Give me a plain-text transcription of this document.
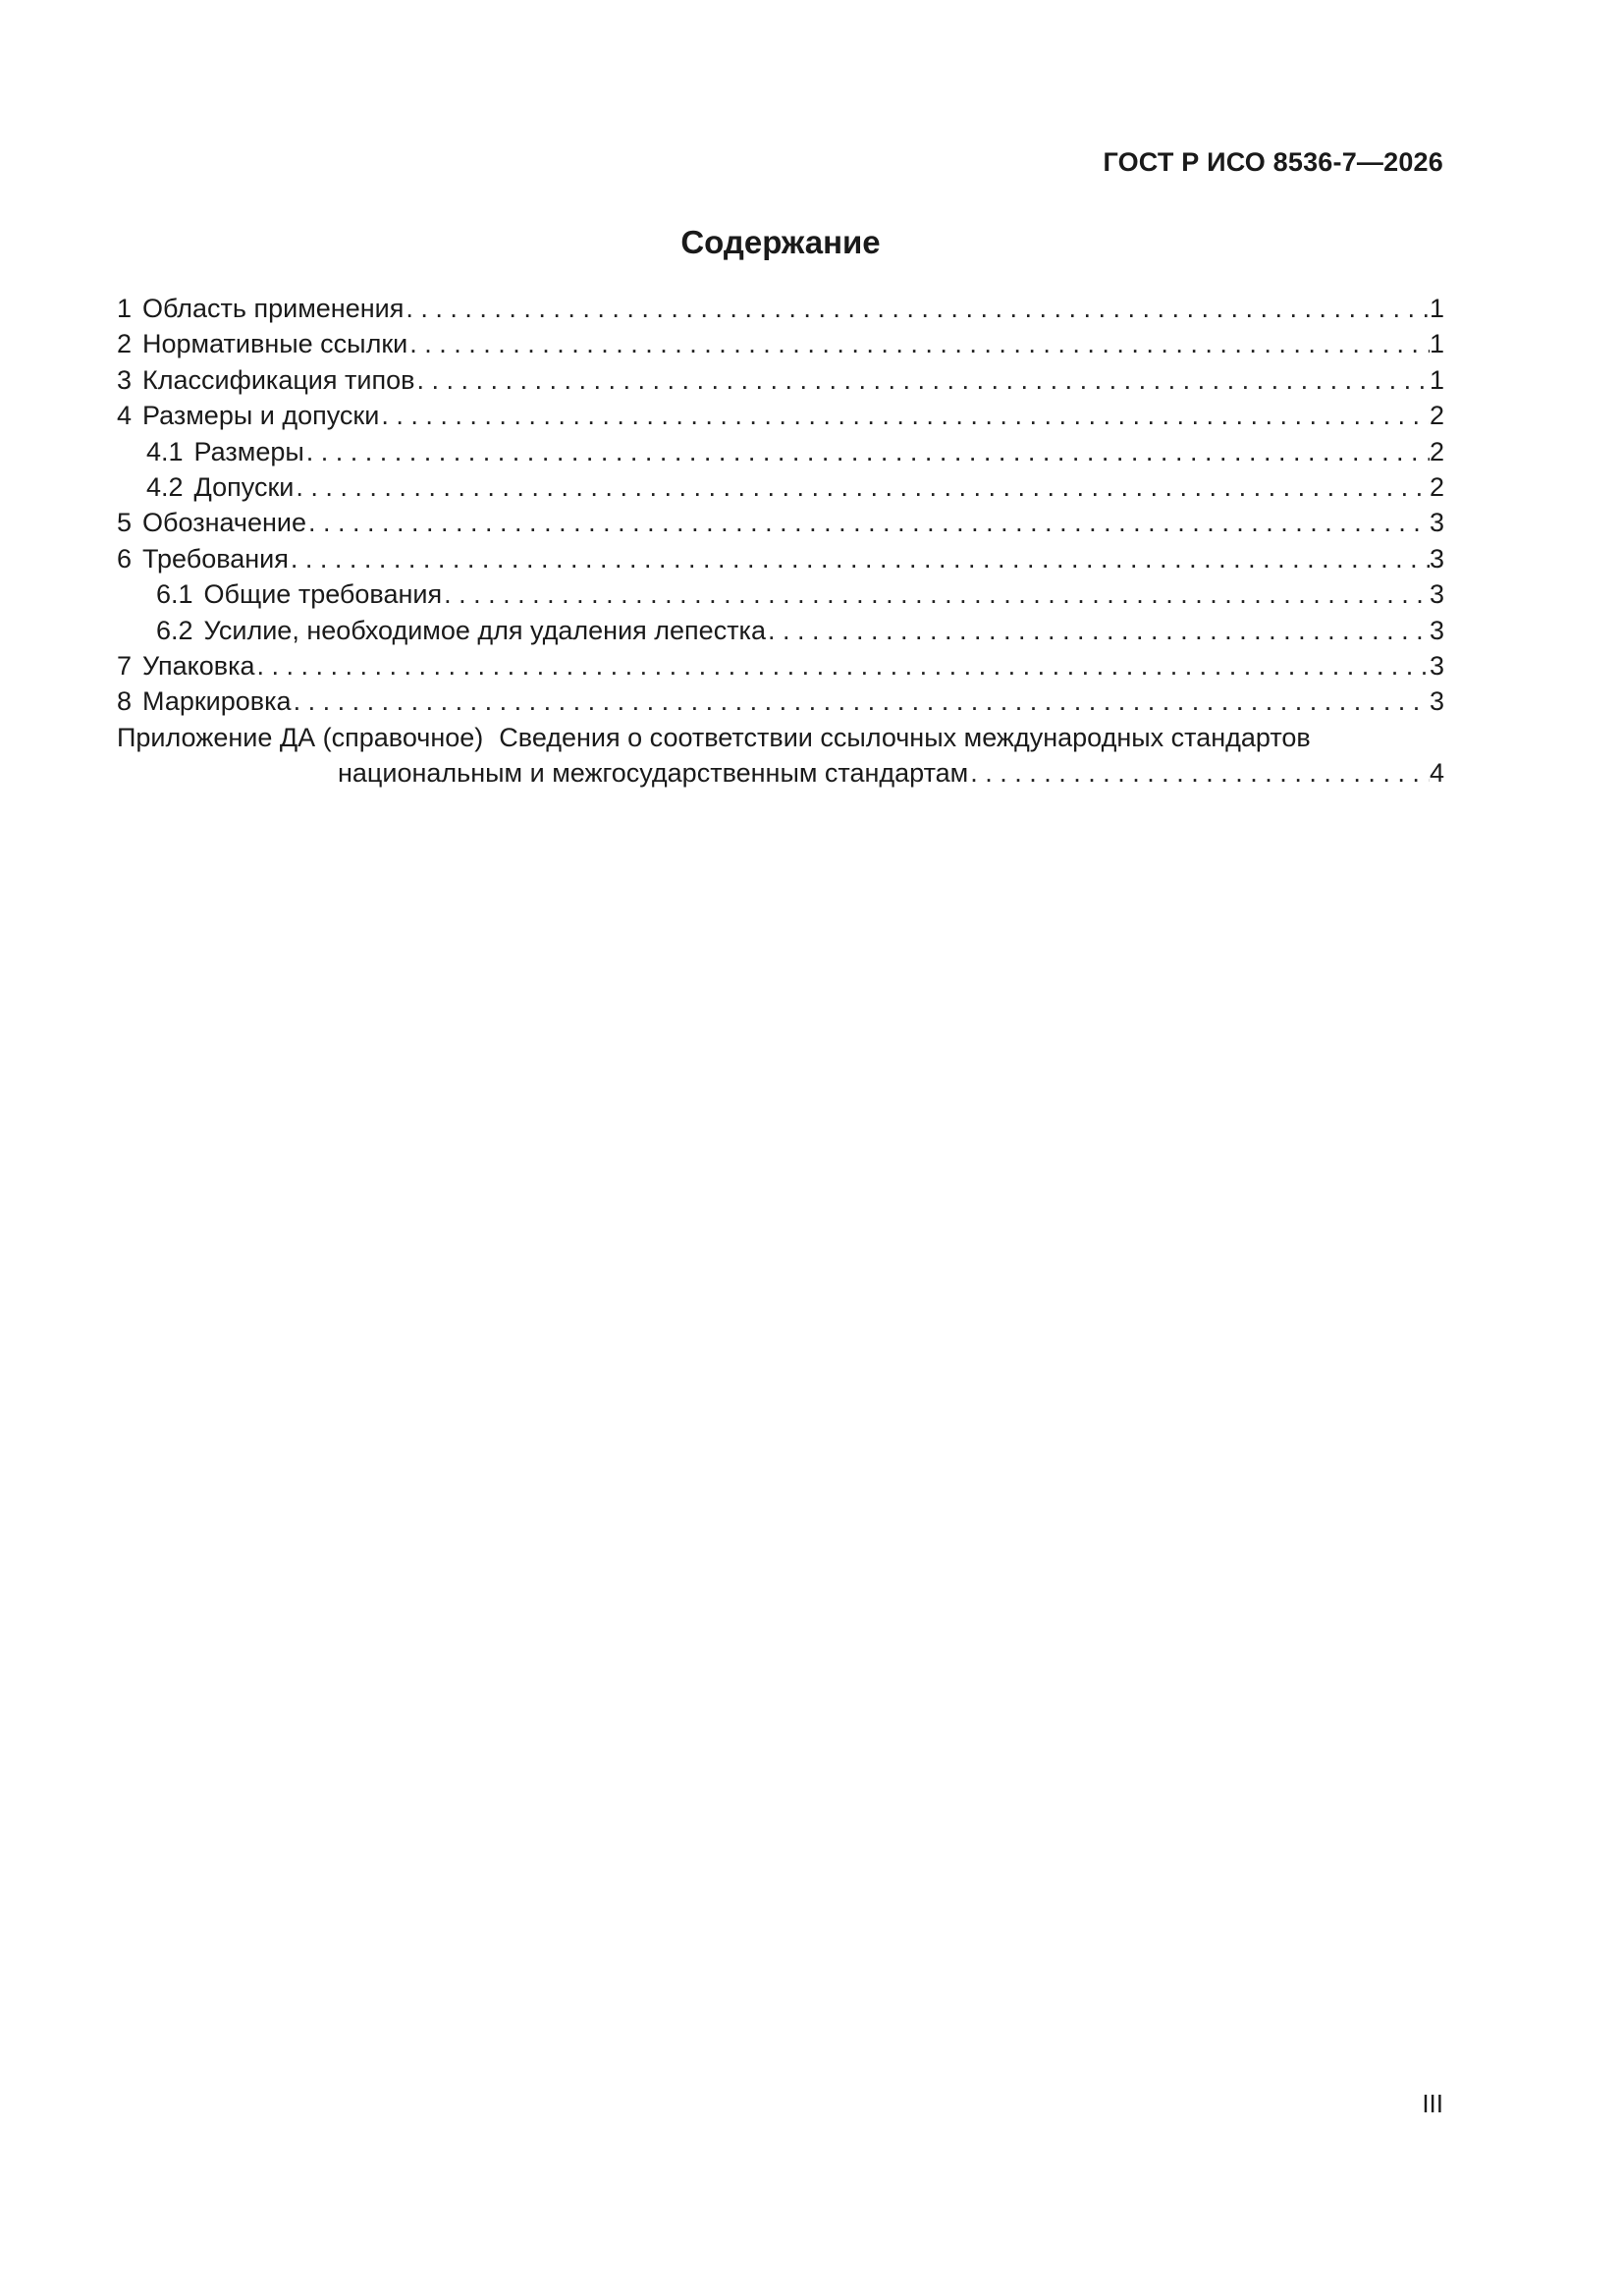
ГОСТ Р ИСО 8536-7—2026
Содержание
1 Область применения . . .	1
2 Нормативные ссылки . . .	1
3 Классификация типов . . .	1
4 Размеры и допуски . . .	2
4.1 Размеры . . .	2
4.2 Допуски . . .	2
5 Обозначение . . .	3
6 Требования . . .	3
6.1 Общие требования . . .	3
6.2 Усилие, необходимое для удаления лепестка . . .	3
7 Упаковка . . .	3
8 Маркировка . . .	3
Приложение ДА (справочное) Сведения о соответствии ссылочных международных стандартов
национальным и межгосударственным стандартам . . .	4
III
